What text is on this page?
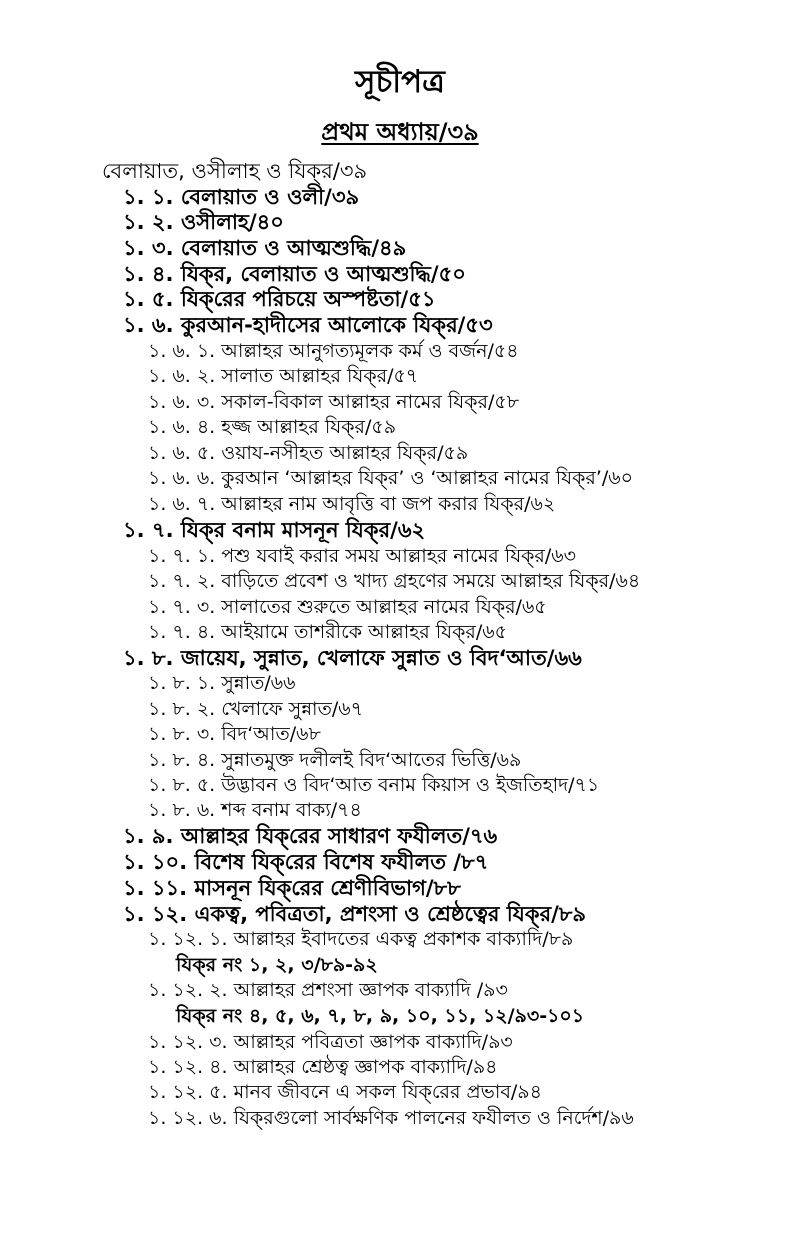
সূচীপত্র
প্রথম অধ্যায়/৩৯
বেলায়াত, ওসীলাহ ও যিক্‌র/৩৯
১. ১. বেলায়াত ও ওলী/৩৯
১. ২. ওসীলাহ/৪০
১. ৩. বেলায়াত ও আত্মশুদ্ধি/৪৯
১. ৪. যিক্‌র, বেলায়াত ও আত্মশুদ্ধি/৫০
১. ৫. যিক্‌রের পরিচয়ে অস্পষ্টতা/৫১
১. ৬. কুরআন-হাদীসের আলোকে যিক্‌র/৫৩
১. ৬. ১. আল্লাহর আনুগত্যমূলক কর্ম ও বর্জন/৫৪
১. ৬. ২. সালাত আল্লাহর যিক্‌র/৫৭
১. ৬. ৩. সকাল-বিকাল আল্লাহর নামের যিক্‌র/৫৮
১. ৬. ৪. হজ্জ আল্লাহর যিক্‌র/৫৯
১. ৬. ৫. ওয়ায-নসীহত আল্লাহর যিক্‌র/৫৯
১. ৬. ৬. কুরআন ‘আল্লাহর যিক্‌র’ ও ‘আল্লাহর নামের যিক্‌র’/৬০
১. ৬. ৭. আল্লাহর নাম আবৃত্তি বা জপ করার যিক্‌র/৬২
১. ৭. যিক্‌র বনাম মাসনূন যিক্‌র/৬২
১. ৭. ১. পশু যবাই করার সময় আল্লাহর নামের যিক্‌র/৬৩
১. ৭. ২. বাড়িতে প্রবেশ ও খাদ্য গ্রহণের সময়ে আল্লাহর যিক্‌র/৬৪
১. ৭. ৩. সালাতের শুরুতে আল্লাহর নামের যিক্‌র/৬৫
১. ৭. ৪. আইয়ামে তাশরীকে আল্লাহর যিক্‌র/৬৫
১. ৮. জায়েয, সুন্নাত, খেলাফে সুন্নাত ও বিদ‘আত/৬৬
১. ৮. ১. সুন্নাত/৬৬
১. ৮. ২. খেলাফে সুন্নাত/৬৭
১. ৮. ৩. বিদ‘আত/৬৮
১. ৮. ৪. সুন্নাতমুক্ত দলীলই বিদ‘আতের ভিত্তি/৬৯
১. ৮. ৫. উদ্ভাবন ও বিদ‘আত বনাম কিয়াস ও ইজতিহাদ/৭১
১. ৮. ৬. শব্দ বনাম বাক্য/৭৪
১. ৯. আল্লাহর যিক্‌রের সাধারণ ফযীলত/৭৬
১. ১০. বিশেষ যিক্‌রের বিশেষ ফযীলত /৮৭
১. ১১. মাসনূন যিক্‌রের শ্রেণীবিভাগ/৮৮
১. ১২. একত্ব, পবিত্রতা, প্রশংসা ও শ্রেষ্ঠত্বের যিক্‌র/৮৯
১. ১২. ১. আল্লাহর ইবাদতের একত্ব প্রকাশক বাক্যাদি/৮৯
যিক্‌র নং ১, ২, ৩/৮৯-৯২
১. ১২. ২. আল্লাহর প্রশংসা জ্ঞাপক বাক্যাদি /৯৩
যিক্‌র নং ৪, ৫, ৬, ৭, ৮, ৯, ১০, ১১, ১২/৯৩-১০১
১. ১২. ৩. আল্লাহর পবিত্রতা জ্ঞাপক বাক্যাদি/৯৩
১. ১২. ৪. আল্লাহর শ্রেষ্ঠত্ব জ্ঞাপক বাক্যাদি/৯৪
১. ১২. ৫. মানব জীবনে এ সকল যিক্‌রের প্রভাব/৯৪
১. ১২. ৬. যিক্‌রগুলো সার্বক্ষণিক পালনের ফযীলত ও নির্দেশ/৯৬
